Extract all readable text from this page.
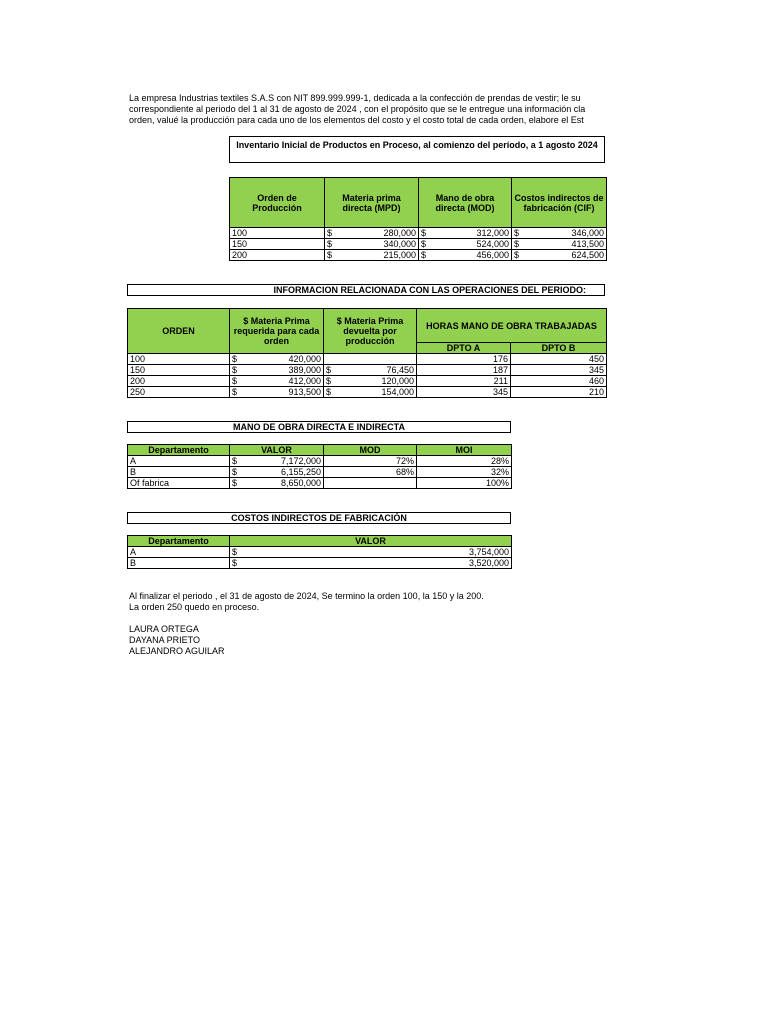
La empresa Industrias textiles S.A.S con NIT 899.999.999-1, dedicada a la confección de prendas de vestir; le su
correspondiente al periodo del 1 al 31 de agosto de 2024 , con el propósito que se le entregue una información cla
orden, valué la producción para cada uno de los elementos del costo y el costo total de cada orden, elabore el Est
Inventario Inicial de Productos en Proceso, al comienzo del período, a 1 agosto 2024
Orden de Producción	Materia prima directa (MPD)	Mano de obra directa (MOD)	Costos indirectos de fabricación (CIF)
100	$ 280,000	$ 312,000	$ 346,000
150	$ 340,000	$ 524,000	$ 413,500
200	$ 215,000	$ 456,000	$ 624,500
INFORMACION RELACIONADA CON LAS OPERACIONES DEL PERIODO:
ORDEN	$ Materia Prima requerida para cada orden	$ Materia Prima devuelta por producción	HORAS MANO DE OBRA TRABAJADAS	
			DPTO A	DPTO B
100	$ 420,000		176	450
150	$ 389,000	$ 76,450	187	345
200	$ 412,000	$ 120,000	211	460
250	$ 913,500	$ 154,000	345	210
MANO DE OBRA DIRECTA E INDIRECTA
Departamento	VALOR	MOD	MOI
A	$ 7,172,000	72%	28%
B	$ 6,155,250	68%	32%
Of fabrica	$ 8,650,000		100%
COSTOS INDIRECTOS DE FABRICACIÓN
Departamento	VALOR
A	$ 3,754,000
B	$ 3,520,000
Al finalizar el periodo , el 31 de agosto de 2024, Se termino la orden 100, la 150 y la 200.
La orden 250 quedo en proceso.
LAURA ORTEGA
DAYANA PRIETO
ALEJANDRO AGUILAR
